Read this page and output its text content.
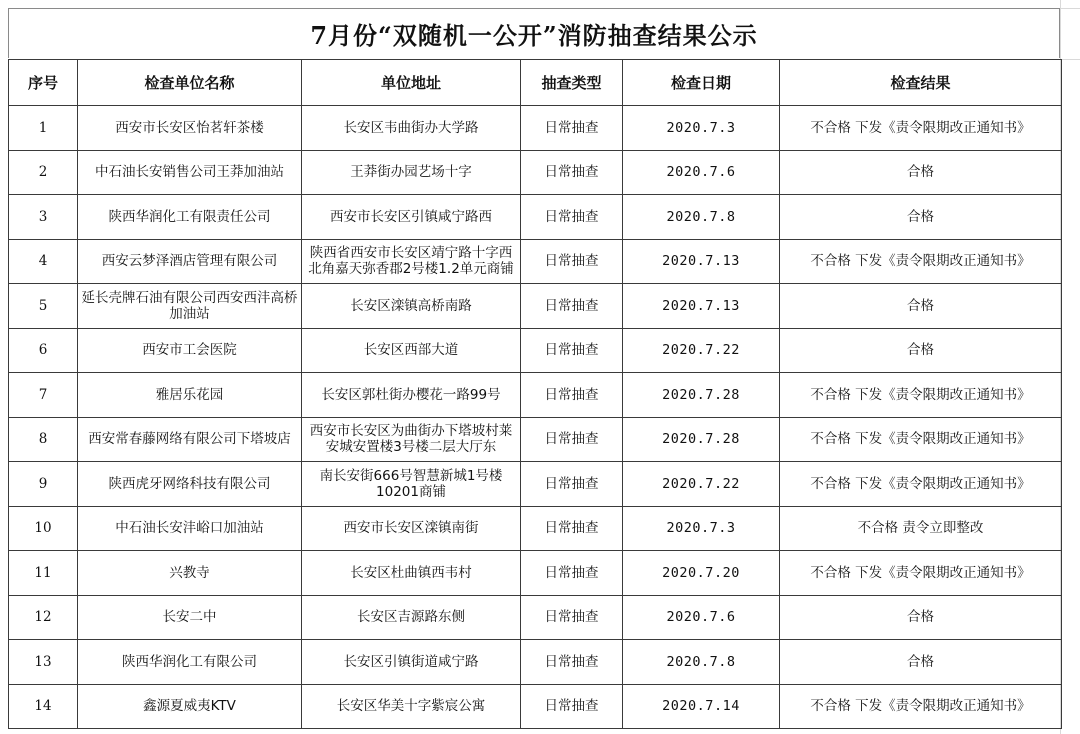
7月份“双随机一公开”消防抽查结果公示
序号	检查单位名称	单位地址	抽查类型	检查日期	检查结果

1	西安市长安区怡茗轩茶楼	长安区韦曲街办大学路	日常抽查	2020.7.3	不合格 下发《责令限期改正通知书》

2	中石油长安销售公司王莽加油站	王莽街办园艺场十字	日常抽查	2020.7.6	合格

3	陕西华润化工有限责任公司	西安市长安区引镇咸宁路西	日常抽查	2020.7.8	合格

4	西安云梦泽酒店管理有限公司	陕西省西安市长安区靖宁路十字西北角嘉天弥香郡2号楼1.2单元商铺	日常抽查	2020.7.13	不合格 下发《责令限期改正通知书》

5	延长壳牌石油有限公司西安西沣高桥加油站	长安区滦镇高桥南路	日常抽查	2020.7.13	合格

6	西安市工会医院	长安区西部大道	日常抽查	2020.7.22	合格

7	雅居乐花园	长安区郭杜街办樱花一路99号	日常抽查	2020.7.28	不合格 下发《责令限期改正通知书》

8	西安常春藤网络有限公司下塔坡店	西安市长安区为曲街办下塔坡村莱安城安置楼3号楼二层大厅东	日常抽查	2020.7.28	不合格 下发《责令限期改正通知书》

9	陕西虎牙网络科技有限公司	南长安街666号智慧新城1号楼10201商铺	日常抽查	2020.7.22	不合格 下发《责令限期改正通知书》

10	中石油长安沣峪口加油站	西安市长安区滦镇南街	日常抽查	2020.7.3	不合格 责令立即整改

11	兴教寺	长安区杜曲镇西韦村	日常抽查	2020.7.20	不合格 下发《责令限期改正通知书》

12	长安二中	长安区吉源路东侧	日常抽查	2020.7.6	合格

13	陕西华润化工有限公司	长安区引镇街道咸宁路	日常抽查	2020.7.8	合格

14	鑫源夏威夷KTV	长安区华美十字紫宸公寓	日常抽查	2020.7.14	不合格 下发《责令限期改正通知书》
